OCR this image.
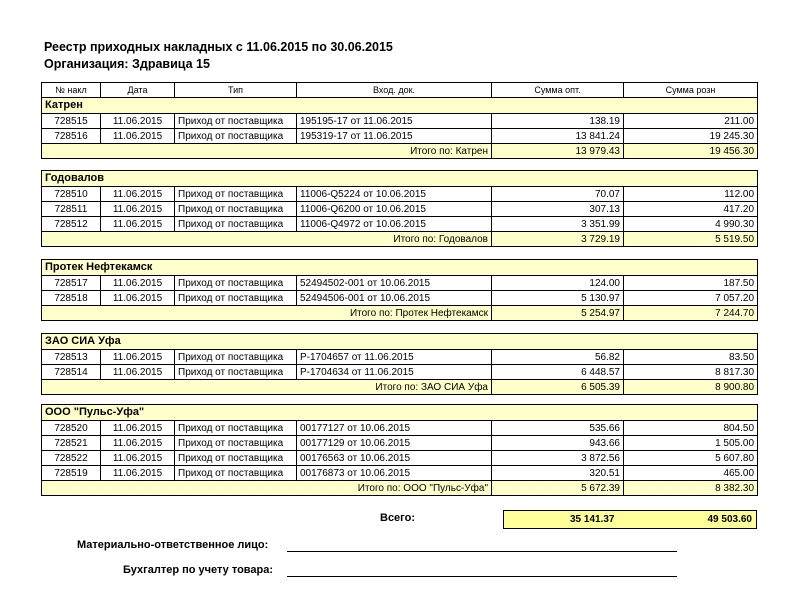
Реестр приходных накладных с 11.06.2015 по 30.06.2015
Организация: Здравица 15
№ накл	Дата	Тип	Вход. док.	Сумма опт.	Сумма розн
Катрен					
728515	11.06.2015	Приход от поставщика	195195-17 от 11.06.2015	138.19	211.00
728516	11.06.2015	Приход от поставщика	195319-17 от 11.06.2015	13 841.24	19 245.30
Итого по: Катрен				13 979.43	19 456.30
Годовалов					
728510	11.06.2015	Приход от поставщика	11006-Q5224 от 10.06.2015	70.07	112.00
728511	11.06.2015	Приход от поставщика	11006-Q6200 от 10.06.2015	307.13	417.20
728512	11.06.2015	Приход от поставщика	11006-Q4972 от 10.06.2015	3 351.99	4 990.30
Итого по: Годовалов				3 729.19	5 519.50
Протек Нефтекамск					
728517	11.06.2015	Приход от поставщика	52494502-001 от 10.06.2015	124.00	187.50
728518	11.06.2015	Приход от поставщика	52494506-001 от 10.06.2015	5 130.97	7 057.20
Итого по: Протек Нефтекамск				5 254.97	7 244.70
ЗАО СИА Уфа					
728513	11.06.2015	Приход от поставщика	Р-1704657 от 11.06.2015	56.82	83.50
728514	11.06.2015	Приход от поставщика	Р-1704634 от 11.06.2015	6 448.57	8 817.30
Итого по: ЗАО СИА Уфа				6 505.39	8 900.80
ООО "Пульс-Уфа"					
728520	11.06.2015	Приход от поставщика	00177127 от 10.06.2015	535.66	804.50
728521	11.06.2015	Приход от поставщика	00177129 от 10.06.2015	943.66	1 505.00
728522	11.06.2015	Приход от поставщика	00176563 от 10.06.2015	3 872.56	5 607.80
728519	11.06.2015	Приход от поставщика	00176873 от 10.06.2015	320.51	465.00
Итого по: ООО "Пульс-Уфа"				5 672.39	8 382.30
Всего:	35 141.37	49 503.60
Материально-ответственное лицо:
Бухгалтер по учету товара:
